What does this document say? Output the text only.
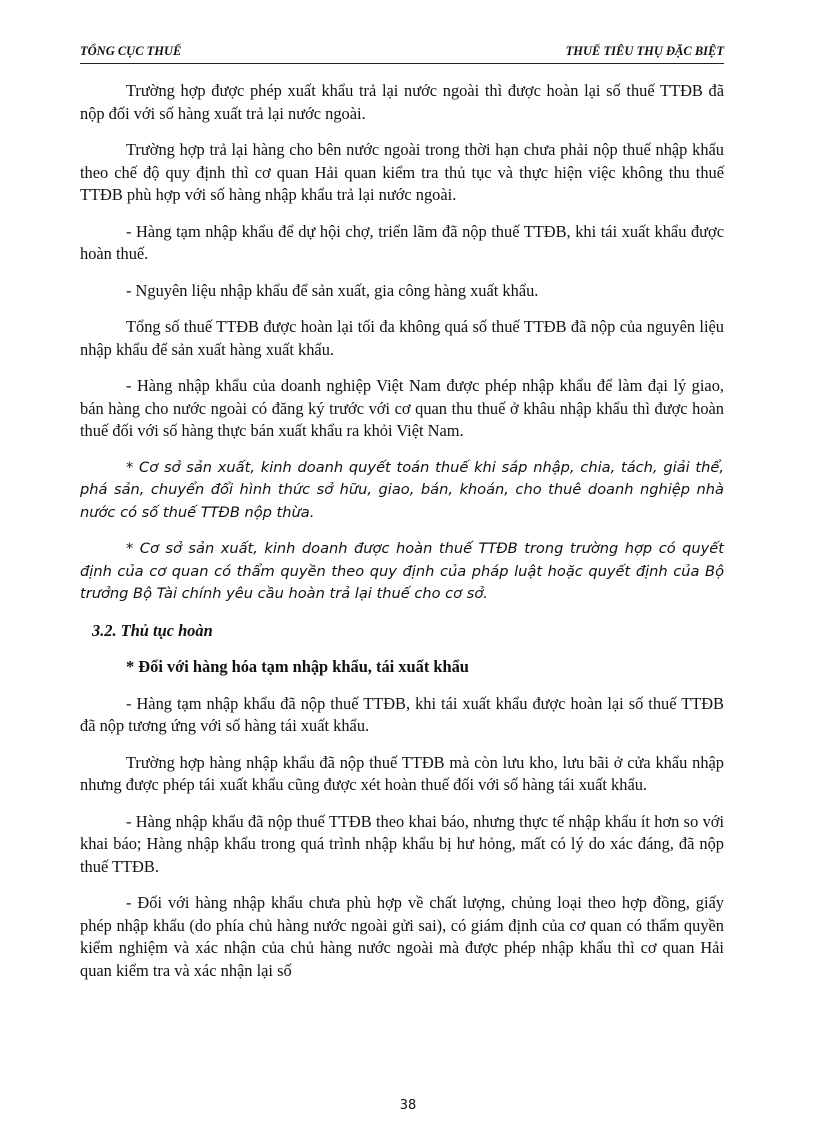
TỔNG CỤC THUẾ	THUẾ TIÊU THỤ ĐẶC BIỆT

Trường hợp được phép xuất khẩu trả lại nước ngoài thì được hoàn lại số thuế TTĐB đã nộp đối với số hàng xuất trả lại nước ngoài.

Trường hợp trả lại hàng cho bên nước ngoài trong thời hạn chưa phải nộp thuế nhập khẩu theo chế độ quy định thì cơ quan Hải quan kiểm tra thủ tục và thực hiện việc không thu thuế TTĐB phù hợp với số hàng nhập khẩu trả lại nước ngoài.

- Hàng tạm nhập khẩu để dự hội chợ, triển lãm đã nộp thuế TTĐB, khi tái xuất khẩu được hoàn thuế.

- Nguyên liệu nhập khẩu để sản xuất, gia công hàng xuất khẩu.

Tổng số thuế TTĐB được hoàn lại tối đa không quá số thuế TTĐB đã nộp của nguyên liệu nhập khẩu để sản xuất hàng xuất khẩu.

- Hàng nhập khẩu của doanh nghiệp Việt Nam được phép nhập khẩu để làm đại lý giao, bán hàng cho nước ngoài có đăng ký trước với cơ quan thu thuế ở khâu nhập khẩu thì được hoàn thuế đối với số hàng thực bán xuất khẩu ra khỏi Việt Nam.

* Cơ sở sản xuất, kinh doanh quyết toán thuế khi sáp nhập, chia, tách, giải thể, phá sản, chuyển đổi hình thức sở hữu, giao, bán, khoán, cho thuê doanh nghiệp nhà nước có số thuế TTĐB nộp thừa.

* Cơ sở sản xuất, kinh doanh được hoàn thuế TTĐB trong trường hợp có quyết định của cơ quan có thẩm quyền theo quy định của pháp luật hoặc quyết định của Bộ trưởng Bộ Tài chính yêu cầu hoàn trả lại thuế cho cơ sở.

3.2. Thủ tục hoàn

* Đối với hàng hóa tạm nhập khẩu, tái xuất khẩu

- Hàng tạm nhập khẩu đã nộp thuế TTĐB, khi tái xuất khẩu được hoàn lại số thuế TTĐB đã nộp tương ứng với số hàng tái xuất khẩu.

Trường hợp hàng nhập khẩu đã nộp thuế TTĐB mà còn lưu kho, lưu bãi ở cửa khẩu nhập nhưng được phép tái xuất khẩu cũng được xét hoàn thuế đối với số hàng tái xuất khẩu.

- Hàng nhập khẩu đã nộp thuế TTĐB theo khai báo, nhưng thực tế nhập khẩu ít hơn so với khai báo; Hàng nhập khẩu trong quá trình nhập khẩu bị hư hỏng, mất có lý do xác đáng, đã nộp thuế TTĐB.

- Đối với hàng nhập khẩu chưa phù hợp về chất lượng, chủng loại theo hợp đồng, giấy phép nhập khẩu (do phía chủ hàng nước ngoài gửi sai), có giám định của cơ quan có thẩm quyền kiểm nghiệm và xác nhận của chủ hàng nước ngoài mà được phép nhập khẩu thì cơ quan Hải quan kiểm tra và xác nhận lại số

38
